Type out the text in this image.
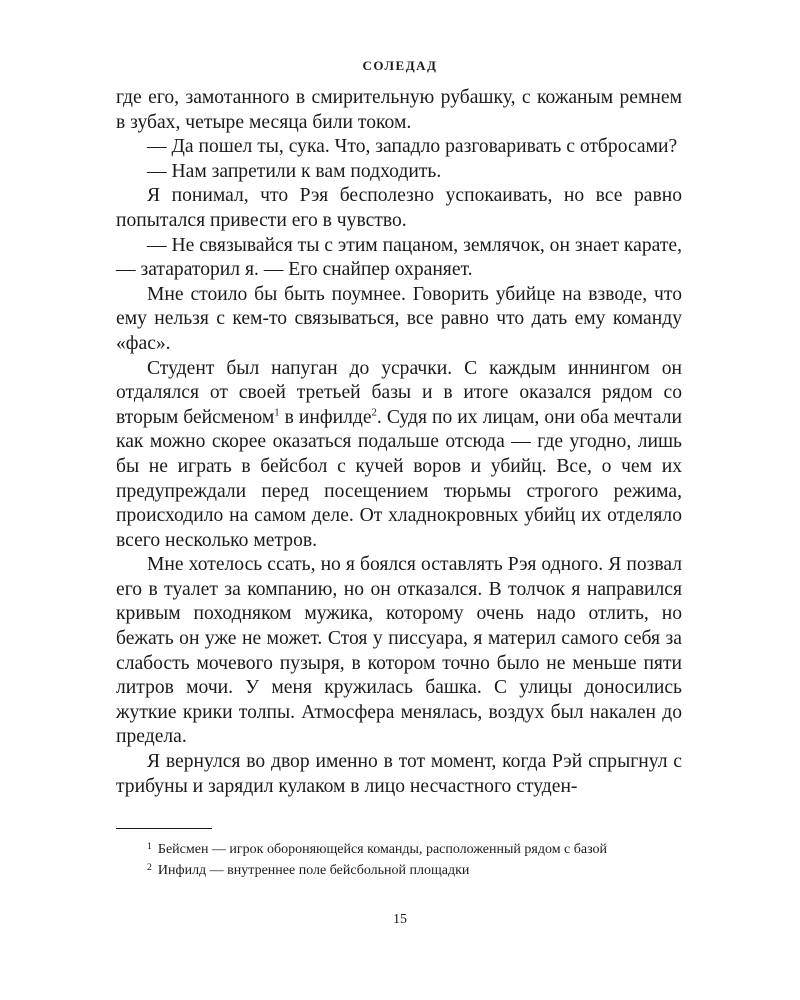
СОЛЕДАД

где его, замотанного в смирительную рубашку, с кожаным ремнем в зубах, четыре месяца били током.

— Да пошел ты, сука. Что, западло разговаривать с отбросами?

— Нам запретили к вам подходить.

Я понимал, что Рэя бесполезно успокаивать, но все равно попытался привести его в чувство.

— Не связывайся ты с этим пацаном, землячок, он знает карате,— затараторил я. — Его снайпер охраняет.

Мне стоило бы быть поумнее. Говорить убийце на взводе, что ему нельзя с кем-то связываться, все равно что дать ему команду «фас».

Студент был напуган до усрачки. С каждым иннингом он отдалялся от своей третьей базы и в итоге оказался рядом со вторым бейсменом$^1$ в инфилде$^2$. Судя по их лицам, они оба мечтали как можно скорее оказаться подальше отсюда — где угодно, лишь бы не играть в бейсбол с кучей воров и убийц. Все, о чем их предупреждали перед посещением тюрьмы строгого режима, происходило на самом деле. От хладнокровных убийц их отделяло всего несколько метров.

Мне хотелось ссать, но я боялся оставлять Рэя одного. Я позвал его в туалет за компанию, но он отказался. В толчок я направился кривым походняком мужика, которому очень надо отлить, но бежать он уже не может. Стоя у писсуара, я материл самого себя за слабость мочевого пузыря, в котором точно было не меньше пяти литров мочи. У меня кружилась башка. С улицы доносились жуткие крики толпы. Атмосфера менялась, воздух был накален до предела.

Я вернулся во двор именно в тот момент, когда Рэй спрыгнул с трибуны и зарядил кулаком в лицо несчастного студен-

$^1$ Бейсмен — игрок обороняющейся команды, расположенный рядом с базой

$^2$ Инфилд — внутреннее поле бейсбольной площадки

15
